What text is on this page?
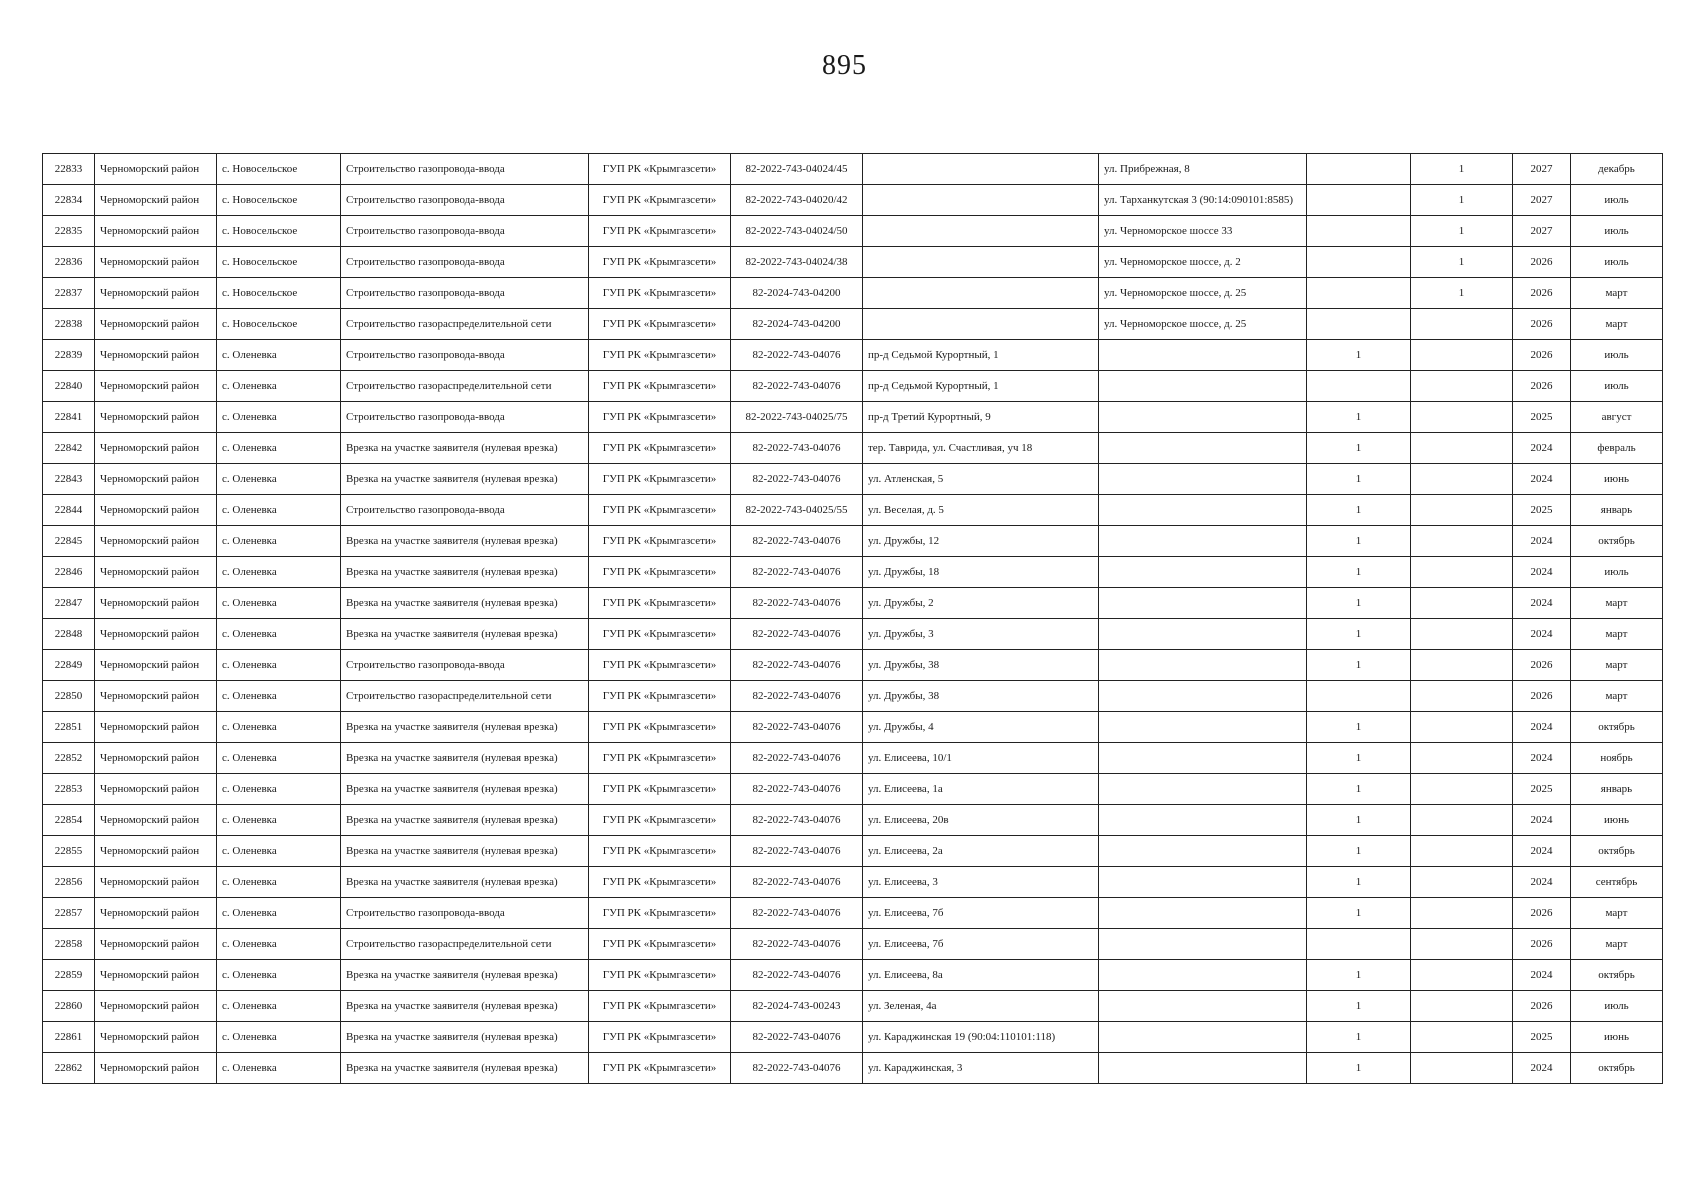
895
22833	Черноморский район	с. Новосельское	Строительство газопровода-ввода	ГУП РК «Крымгазсети»	82-2022-743-04024/45		ул. Прибрежная, 8		1	2027	декабрь
22834	Черноморский район	с. Новосельское	Строительство газопровода-ввода	ГУП РК «Крымгазсети»	82-2022-743-04020/42		ул. Тарханкутская 3 (90:14:090101:8585)		1	2027	июль
22835	Черноморский район	с. Новосельское	Строительство газопровода-ввода	ГУП РК «Крымгазсети»	82-2022-743-04024/50		ул. Черноморское шоссе 33		1	2027	июль
22836	Черноморский район	с. Новосельское	Строительство газопровода-ввода	ГУП РК «Крымгазсети»	82-2022-743-04024/38		ул. Черноморское шоссе, д. 2		1	2026	июль
22837	Черноморский район	с. Новосельское	Строительство газопровода-ввода	ГУП РК «Крымгазсети»	82-2024-743-04200		ул. Черноморское шоссе, д. 25		1	2026	март
22838	Черноморский район	с. Новосельское	Строительство газораспределительной сети	ГУП РК «Крымгазсети»	82-2024-743-04200		ул. Черноморское шоссе, д. 25			2026	март
22839	Черноморский район	с. Оленевка	Строительство газопровода-ввода	ГУП РК «Крымгазсети»	82-2022-743-04076	пр-д Седьмой Курортный, 1		1		2026	июль
22840	Черноморский район	с. Оленевка	Строительство газораспределительной сети	ГУП РК «Крымгазсети»	82-2022-743-04076	пр-д Седьмой Курортный, 1				2026	июль
22841	Черноморский район	с. Оленевка	Строительство газопровода-ввода	ГУП РК «Крымгазсети»	82-2022-743-04025/75	пр-д Третий Курортный, 9		1		2025	август
22842	Черноморский район	с. Оленевка	Врезка на участке заявителя (нулевая врезка)	ГУП РК «Крымгазсети»	82-2022-743-04076	тер. Таврида, ул. Счастливая, уч 18		1		2024	февраль
22843	Черноморский район	с. Оленевка	Врезка на участке заявителя (нулевая врезка)	ГУП РК «Крымгазсети»	82-2022-743-04076	ул. Атленская, 5		1		2024	июнь
22844	Черноморский район	с. Оленевка	Строительство газопровода-ввода	ГУП РК «Крымгазсети»	82-2022-743-04025/55	ул. Веселая, д. 5		1		2025	январь
22845	Черноморский район	с. Оленевка	Врезка на участке заявителя (нулевая врезка)	ГУП РК «Крымгазсети»	82-2022-743-04076	ул. Дружбы, 12		1		2024	октябрь
22846	Черноморский район	с. Оленевка	Врезка на участке заявителя (нулевая врезка)	ГУП РК «Крымгазсети»	82-2022-743-04076	ул. Дружбы, 18		1		2024	июль
22847	Черноморский район	с. Оленевка	Врезка на участке заявителя (нулевая врезка)	ГУП РК «Крымгазсети»	82-2022-743-04076	ул. Дружбы, 2		1		2024	март
22848	Черноморский район	с. Оленевка	Врезка на участке заявителя (нулевая врезка)	ГУП РК «Крымгазсети»	82-2022-743-04076	ул. Дружбы, 3		1		2024	март
22849	Черноморский район	с. Оленевка	Строительство газопровода-ввода	ГУП РК «Крымгазсети»	82-2022-743-04076	ул. Дружбы, 38		1		2026	март
22850	Черноморский район	с. Оленевка	Строительство газораспределительной сети	ГУП РК «Крымгазсети»	82-2022-743-04076	ул. Дружбы, 38				2026	март
22851	Черноморский район	с. Оленевка	Врезка на участке заявителя (нулевая врезка)	ГУП РК «Крымгазсети»	82-2022-743-04076	ул. Дружбы, 4		1		2024	октябрь
22852	Черноморский район	с. Оленевка	Врезка на участке заявителя (нулевая врезка)	ГУП РК «Крымгазсети»	82-2022-743-04076	ул. Елисеева, 10/1		1		2024	ноябрь
22853	Черноморский район	с. Оленевка	Врезка на участке заявителя (нулевая врезка)	ГУП РК «Крымгазсети»	82-2022-743-04076	ул. Елисеева, 1а		1		2025	январь
22854	Черноморский район	с. Оленевка	Врезка на участке заявителя (нулевая врезка)	ГУП РК «Крымгазсети»	82-2022-743-04076	ул. Елисеева, 20в		1		2024	июнь
22855	Черноморский район	с. Оленевка	Врезка на участке заявителя (нулевая врезка)	ГУП РК «Крымгазсети»	82-2022-743-04076	ул. Елисеева, 2а		1		2024	октябрь
22856	Черноморский район	с. Оленевка	Врезка на участке заявителя (нулевая врезка)	ГУП РК «Крымгазсети»	82-2022-743-04076	ул. Елисеева, 3		1		2024	сентябрь
22857	Черноморский район	с. Оленевка	Строительство газопровода-ввода	ГУП РК «Крымгазсети»	82-2022-743-04076	ул. Елисеева, 7б		1		2026	март
22858	Черноморский район	с. Оленевка	Строительство газораспределительной сети	ГУП РК «Крымгазсети»	82-2022-743-04076	ул. Елисеева, 7б				2026	март
22859	Черноморский район	с. Оленевка	Врезка на участке заявителя (нулевая врезка)	ГУП РК «Крымгазсети»	82-2022-743-04076	ул. Елисеева, 8а		1		2024	октябрь
22860	Черноморский район	с. Оленевка	Врезка на участке заявителя (нулевая врезка)	ГУП РК «Крымгазсети»	82-2024-743-00243	ул. Зеленая, 4а		1		2026	июль
22861	Черноморский район	с. Оленевка	Врезка на участке заявителя (нулевая врезка)	ГУП РК «Крымгазсети»	82-2022-743-04076	ул. Караджинская 19 (90:04:110101:118)		1		2025	июнь
22862	Черноморский район	с. Оленевка	Врезка на участке заявителя (нулевая врезка)	ГУП РК «Крымгазсети»	82-2022-743-04076	ул. Караджинская, 3		1		2024	октябрь
